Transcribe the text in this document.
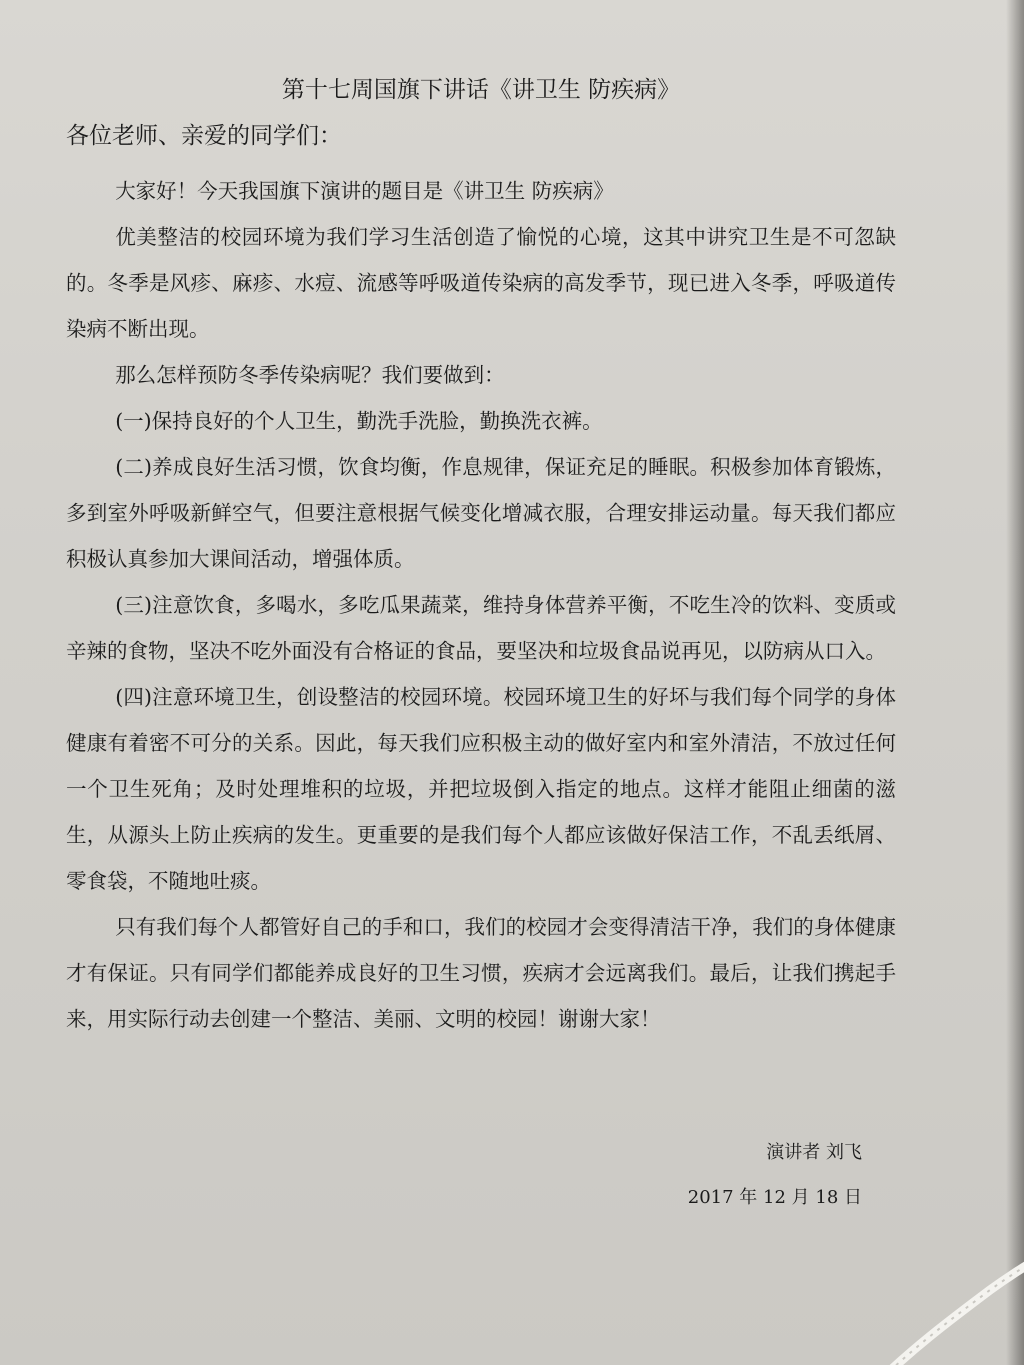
第十七周国旗下讲话《讲卫生 防疾病》
各位老师、亲爱的同学们：

大家好！今天我国旗下演讲的题目是《讲卫生 防疾病》

优美整洁的校园环境为我们学习生活创造了愉悦的心境，这其中讲究卫生是不可忽缺的。冬季是风疹、麻疹、水痘、流感等呼吸道传染病的高发季节，现已进入冬季，呼吸道传染病不断出现。

那么怎样预防冬季传染病呢？我们要做到：

(一)保持良好的个人卫生，勤洗手洗脸，勤换洗衣裤。

(二)养成良好生活习惯，饮食均衡，作息规律，保证充足的睡眠。积极参加体育锻炼，多到室外呼吸新鲜空气，但要注意根据气候变化增减衣服，合理安排运动量。每天我们都应积极认真参加大课间活动，增强体质。

(三)注意饮食，多喝水，多吃瓜果蔬菜，维持身体营养平衡，不吃生冷的饮料、变质或辛辣的食物，坚决不吃外面没有合格证的食品，要坚决和垃圾食品说再见，以防病从口入。

(四)注意环境卫生，创设整洁的校园环境。校园环境卫生的好坏与我们每个同学的身体健康有着密不可分的关系。因此，每天我们应积极主动的做好室内和室外清洁，不放过任何一个卫生死角；及时处理堆积的垃圾，并把垃圾倒入指定的地点。这样才能阻止细菌的滋生，从源头上防止疾病的发生。更重要的是我们每个人都应该做好保洁工作，不乱丢纸屑、零食袋，不随地吐痰。

只有我们每个人都管好自己的手和口，我们的校园才会变得清洁干净，我们的身体健康才有保证。只有同学们都能养成良好的卫生习惯，疾病才会远离我们。最后，让我们携起手来，用实际行动去创建一个整洁、美丽、文明的校园！谢谢大家！

演讲者 刘飞
2017 年 12 月 18 日
